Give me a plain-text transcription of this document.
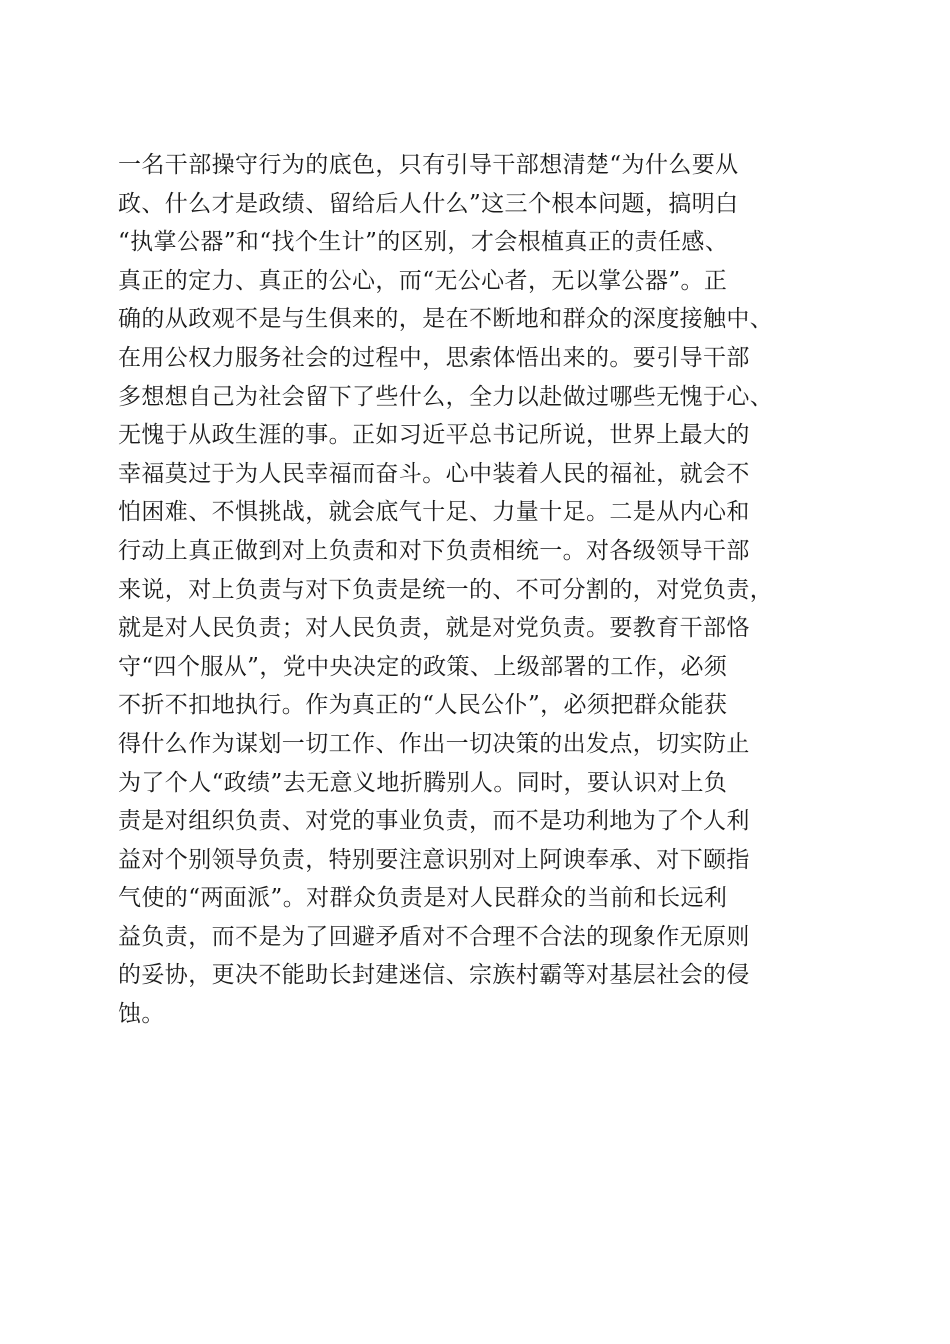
一名干部操守行为的底色，只有引导干部想清楚“为什么要从
政、什么才是政绩、留给后人什么”这三个根本问题，搞明白
“执掌公器”和“找个生计”的区别，才会根植真正的责任感、
真正的定力、真正的公心，而“无公心者，无以掌公器”。正
确的从政观不是与生俱来的，是在不断地和群众的深度接触中、
在用公权力服务社会的过程中，思索体悟出来的。要引导干部
多想想自己为社会留下了些什么，全力以赴做过哪些无愧于心、
无愧于从政生涯的事。正如习近平总书记所说，世界上最大的
幸福莫过于为人民幸福而奋斗。心中装着人民的福祉，就会不
怕困难、不惧挑战，就会底气十足、力量十足。二是从内心和
行动上真正做到对上负责和对下负责相统一。对各级领导干部
来说，对上负责与对下负责是统一的、不可分割的，对党负责，
就是对人民负责；对人民负责，就是对党负责。要教育干部恪
守“四个服从”，党中央决定的政策、上级部署的工作，必须
不折不扣地执行。作为真正的“人民公仆”，必须把群众能获
得什么作为谋划一切工作、作出一切决策的出发点，切实防止
为了个人“政绩”去无意义地折腾别人。同时，要认识对上负
责是对组织负责、对党的事业负责，而不是功利地为了个人利
益对个别领导负责，特别要注意识别对上阿谀奉承、对下颐指
气使的“两面派”。对群众负责是对人民群众的当前和长远利
益负责，而不是为了回避矛盾对不合理不合法的现象作无原则
的妥协，更决不能助长封建迷信、宗族村霸等对基层社会的侵
蚀。
